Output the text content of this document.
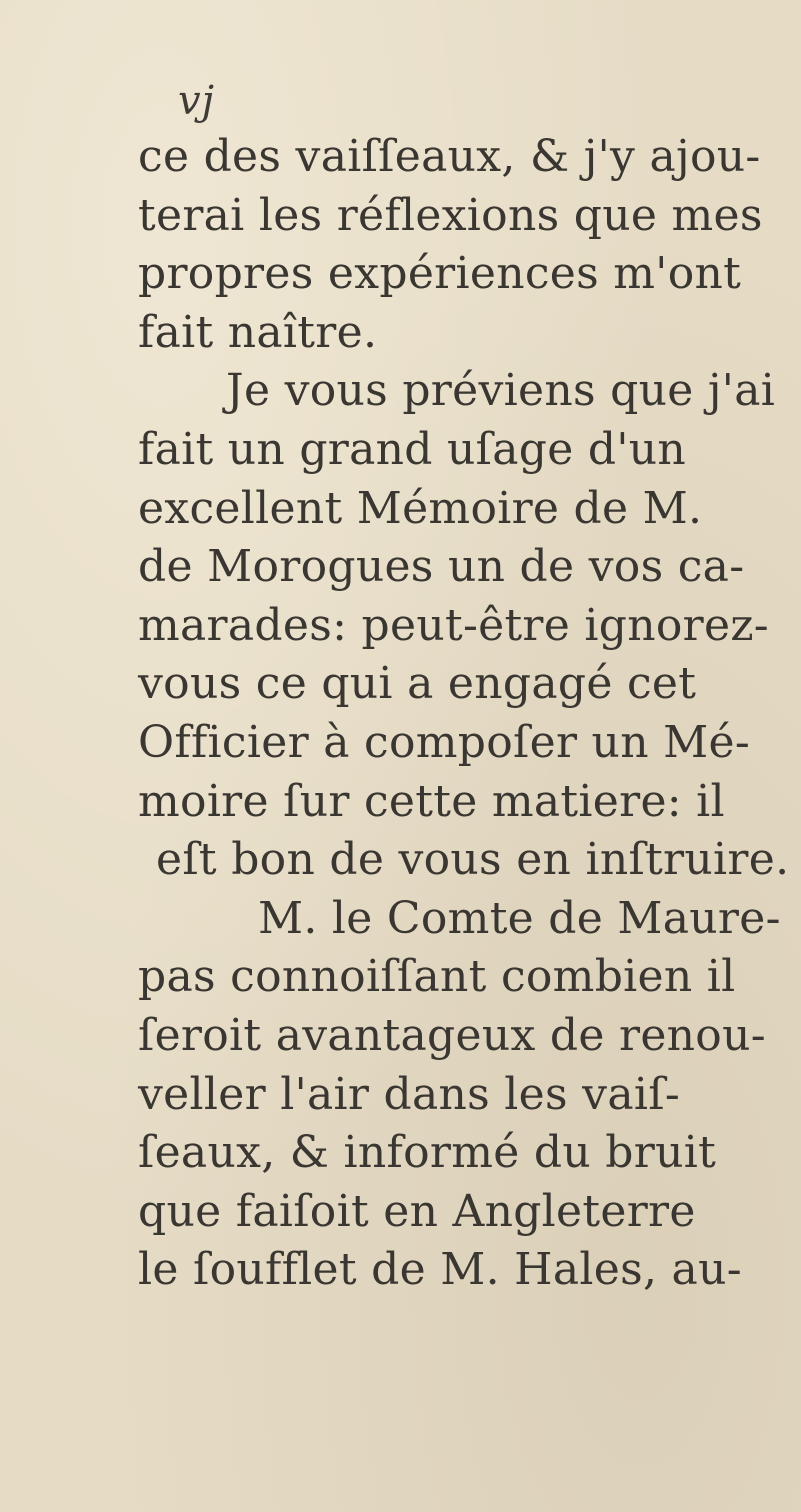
vj
ce des vaiſſeaux, & j'y ajou-
terai les réflexions que mes
propres expériences m'ont
fait naître.
Je vous préviens que j'ai
fait un grand uſage d'un
excellent Mémoire de M.
de Morogues un de vos ca-
marades: peut-être ignorez-
vous ce qui a engagé cet
Officier à compoſer un Mé-
moire ſur cette matiere: il
eſt bon de vous en inſtruire.
M. le Comte de Maure-
pas connoiſſant combien il
ſeroit avantageux de renou-
veller l'air dans les vaiſ-
ſeaux, & informé du bruit
que faiſoit en Angleterre
le ſoufflet de M. Hales, au-
